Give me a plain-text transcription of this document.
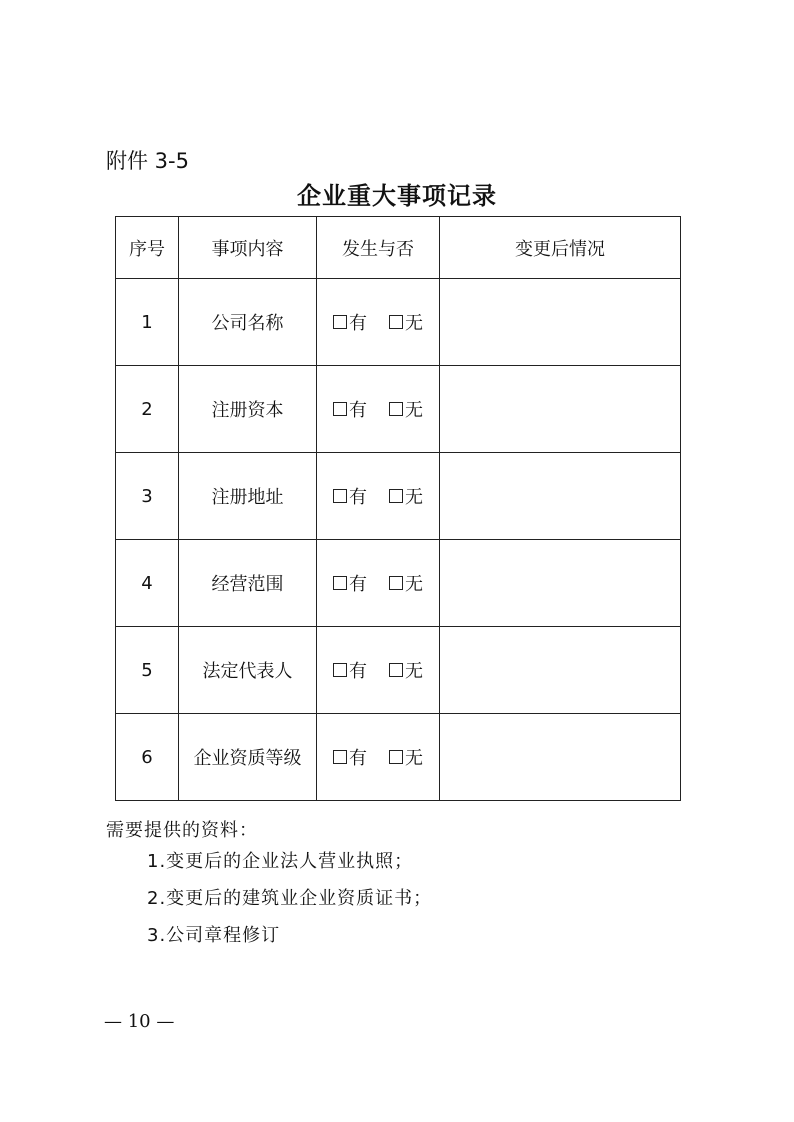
附件 3-5
企业重大事项记录
序号	事项内容	发生与否	变更后情况
1	公司名称	有 无	

2	注册资本	有 无	

3	注册地址	有 无	

4	经营范围	有 无	

5	法定代表人	有 无	

6	企业资质等级	有 无	

需要提供的资料：
1.变更后的企业法人营业执照；
2.变更后的建筑业企业资质证书；
3.公司章程修订
— 10 —
